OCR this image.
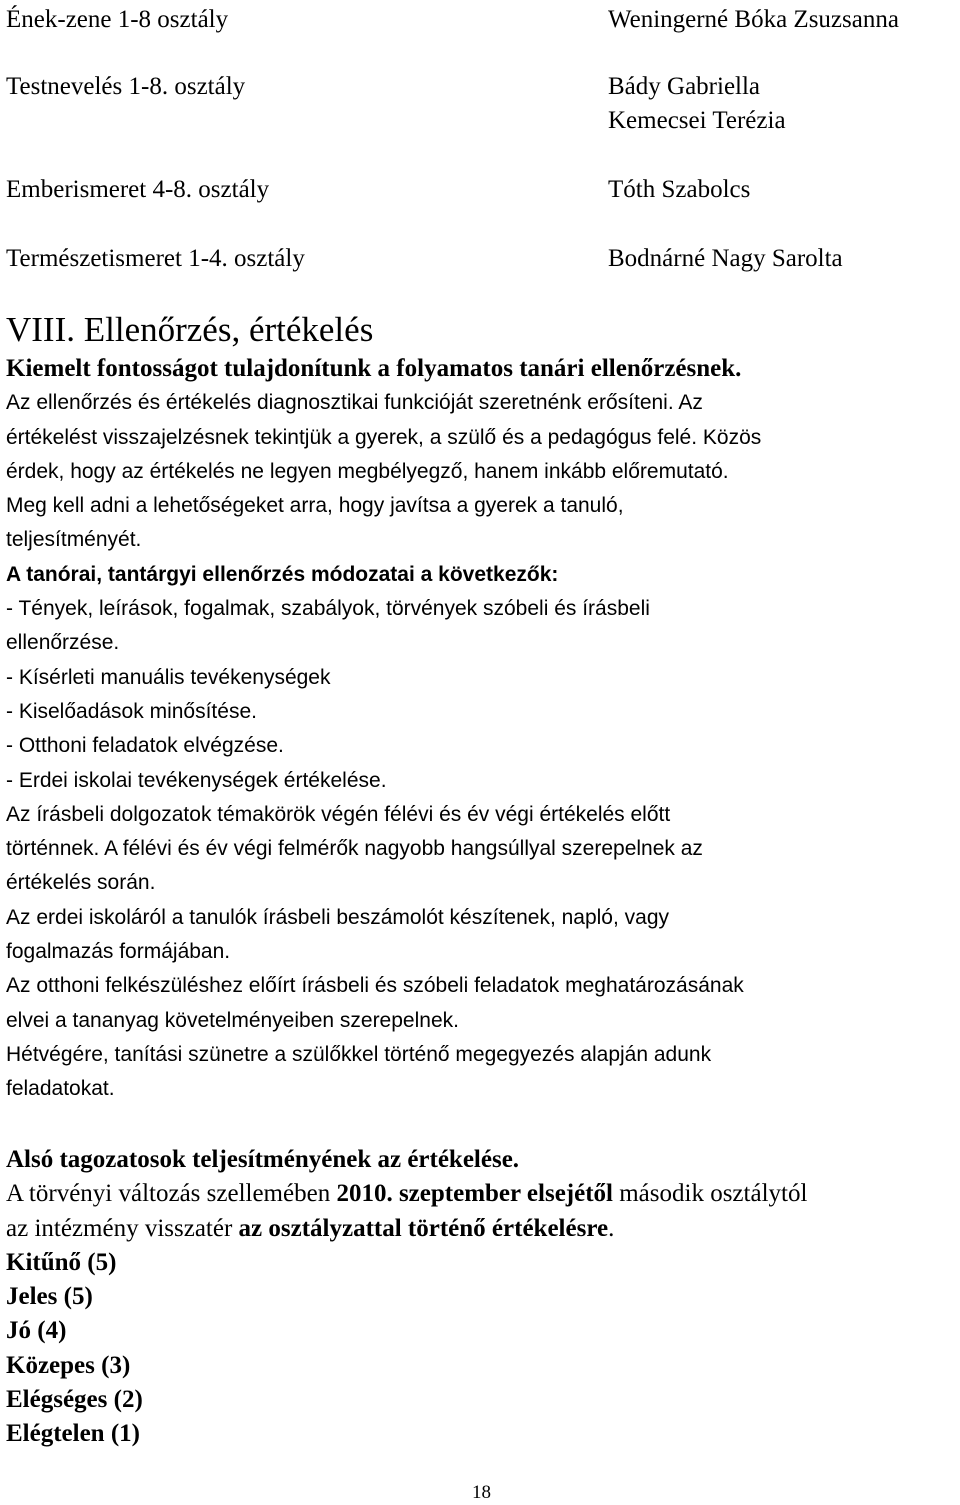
Ének-zene 1-8 osztály	Weningerné Bóka Zsuzsanna
Testnevelés 1-8. osztály	Bády Gabriella
Kemecsei Terézia
Emberismeret 4-8. osztály	Tóth Szabolcs
Természetismeret 1-4. osztály	Bodnárné Nagy Sarolta
VIII. Ellenőrzés, értékelés
Kiemelt fontosságot tulajdonítunk a folyamatos tanári ellenőrzésnek.
Az ellenőrzés és értékelés diagnosztikai funkcióját szeretnénk erősíteni. Az
értékelést visszajelzésnek tekintjük a gyerek, a szülő és a pedagógus felé. Közös
érdek, hogy az értékelés ne legyen megbélyegző, hanem inkább előremutató.
Meg kell adni a lehetőségeket arra, hogy javítsa a gyerek a tanuló,
teljesítményét.
A tanórai, tantárgyi ellenőrzés módozatai a következők:
- Tények, leírások, fogalmak, szabályok, törvények szóbeli és írásbeli
ellenőrzése.
- Kísérleti manuális tevékenységek
- Kiselőadások minősítése.
- Otthoni feladatok elvégzése.
- Erdei iskolai tevékenységek értékelése.
Az írásbeli dolgozatok témakörök végén félévi és év végi értékelés előtt
történnek. A félévi és év végi felmérők nagyobb hangsúllyal szerepelnek az
értékelés során.
Az erdei iskoláról a tanulók írásbeli beszámolót készítenek, napló, vagy
fogalmazás formájában.
Az otthoni felkészüléshez előírt írásbeli és szóbeli feladatok meghatározásának
elvei a tananyag követelményeiben szerepelnek.
Hétvégére, tanítási szünetre a szülőkkel történő megegyezés alapján adunk
feladatokat.
Alsó tagozatosok teljesítményének az értékelése.
A törvényi változás szellemében 2010. szeptember elsejétől második osztálytól
az intézmény visszatér az osztályzattal történő értékelésre.
Kitűnő (5)
Jeles (5)
Jó (4)
Közepes (3)
Elégséges (2)
Elégtelen (1)
18
